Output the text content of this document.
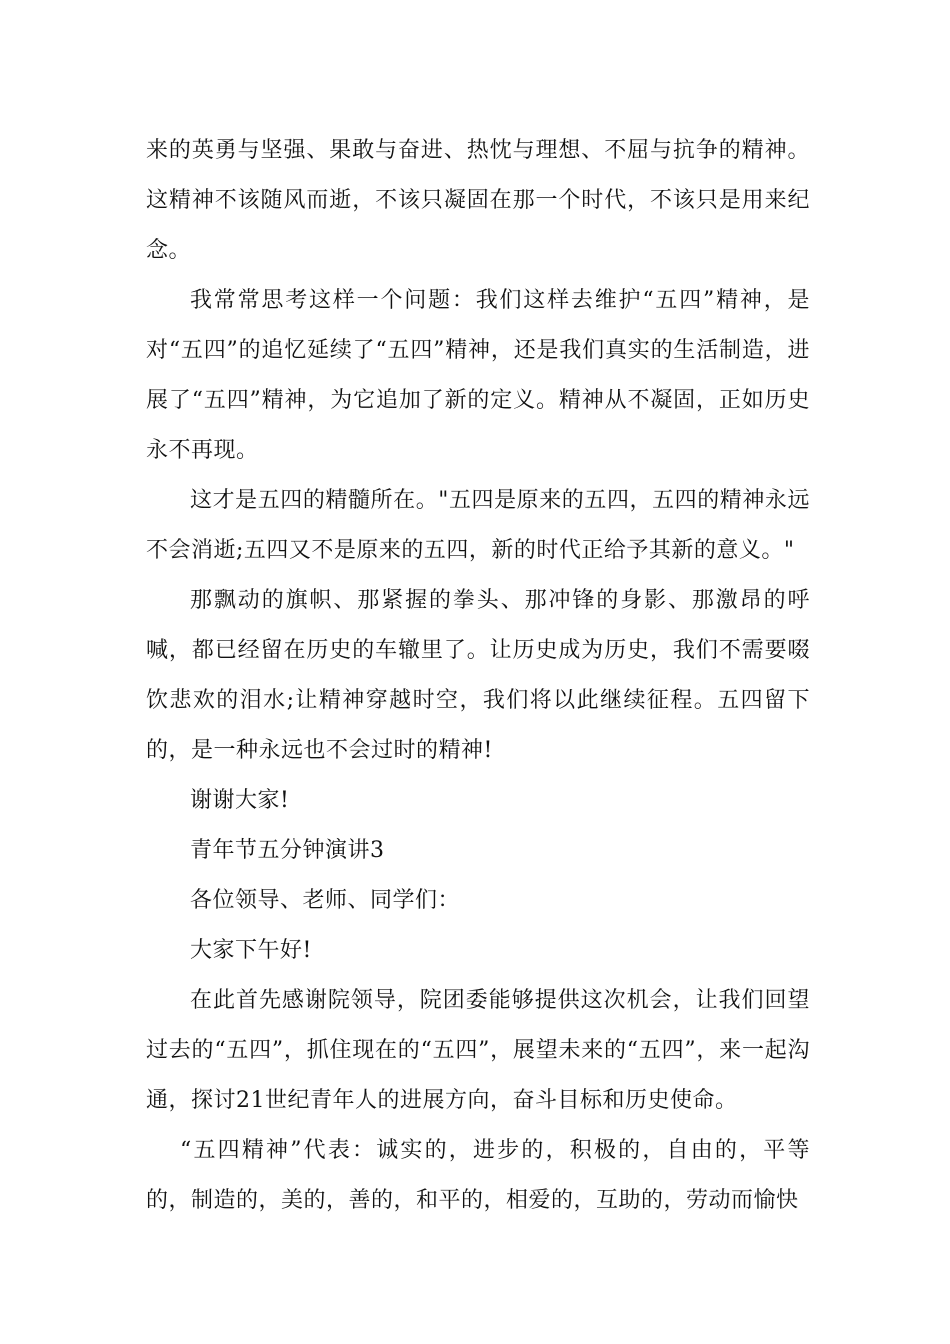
来的英勇与坚强、果敢与奋进、热忱与理想、不屈与抗争的精神。这精神不该随风而逝，不该只凝固在那一个时代，不该只是用来纪念。

我常常思考这样一个问题：我们这样去维护“五四”精神，是对“五四”的追忆延续了“五四”精神，还是我们真实的生活制造，进展了“五四”精神，为它追加了新的定义。精神从不凝固，正如历史永不再现。

这才是五四的精髓所在。"五四是原来的五四，五四的精神永远不会消逝;五四又不是原来的五四，新的时代正给予其新的意义。"

那飘动的旗帜、那紧握的拳头、那冲锋的身影、那激昂的呼喊，都已经留在历史的车辙里了。让历史成为历史，我们不需要啜饮悲欢的泪水;让精神穿越时空，我们将以此继续征程。五四留下的，是一种永远也不会过时的精神!

谢谢大家!

青年节五分钟演讲3

各位领导、老师、同学们：

大家下午好!

在此首先感谢院领导，院团委能够提供这次机会，让我们回望过去的“五四”，抓住现在的“五四”，展望未来的“五四”，来一起沟通，探讨21世纪青年人的进展方向，奋斗目标和历史使命。

“五四精神”代表：诚实的，进步的，积极的，自由的，平等的，制造的，美的，善的，和平的，相爱的，互助的，劳动而愉快
